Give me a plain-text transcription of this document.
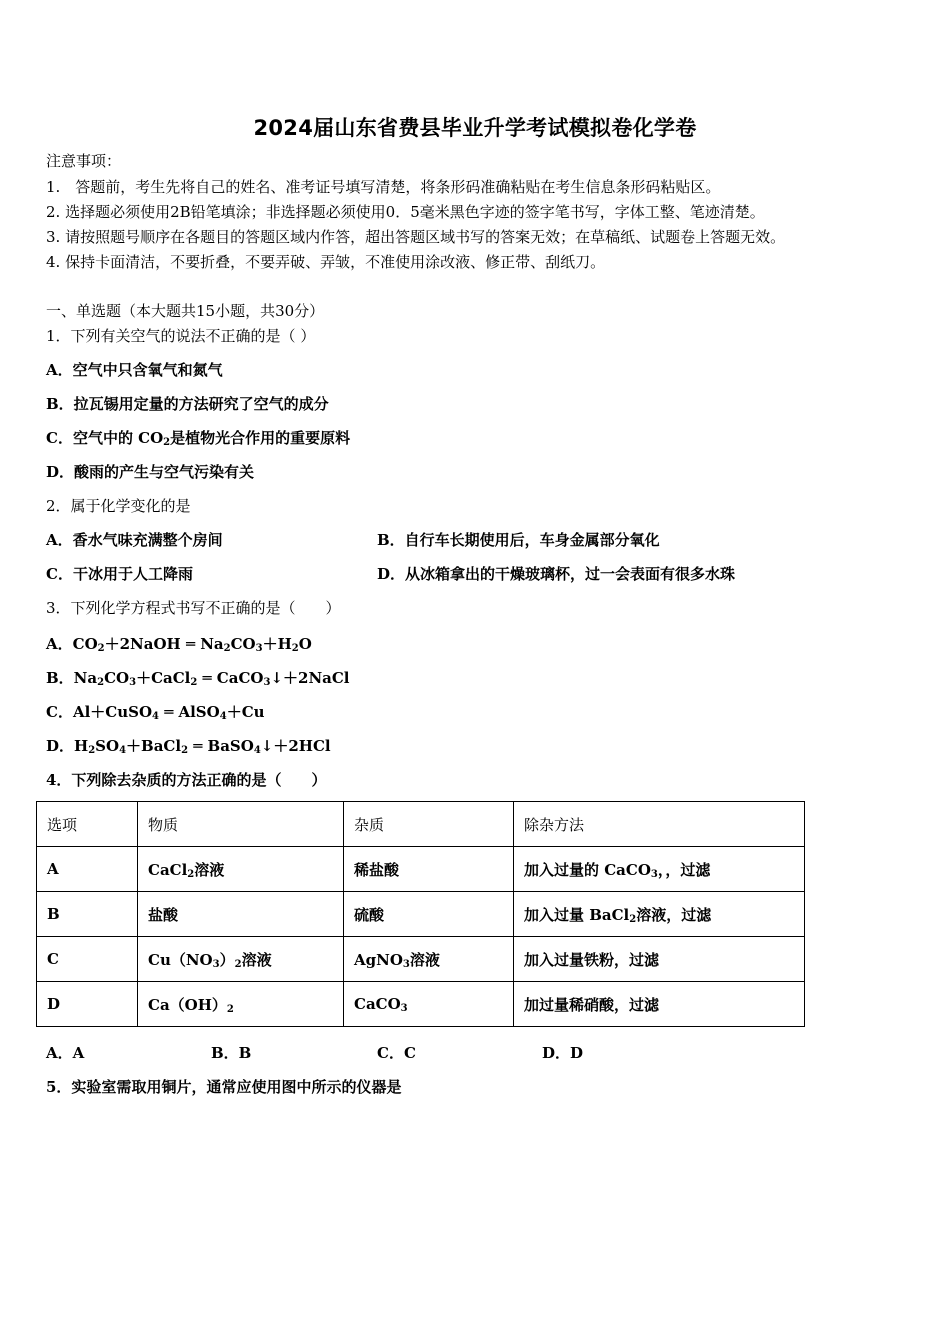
2024届山东省费县毕业升学考试模拟卷化学卷
注意事项：
1.　答题前，考生先将自己的姓名、准考证号填写清楚，将条形码准确粘贴在考生信息条形码粘贴区。
2. 选择题必须使用2B铅笔填涂；非选择题必须使用0．5毫米黑色字迹的签字笔书写，字体工整、笔迹清楚。
3. 请按照题号顺序在各题目的答题区域内作答，超出答题区域书写的答案无效；在草稿纸、试题卷上答题无效。
4. 保持卡面清洁，不要折叠，不要弄破、弄皱，不准使用涂改液、修正带、刮纸刀。
一、单选题（本大题共15小题，共30分）
1．下列有关空气的说法不正确的是（ ）
A．空气中只含氧气和氮气
B．拉瓦锡用定量的方法研究了空气的成分
C．空气中的 $CO_2$是植物光合作用的重要原料
D．酸雨的产生与空气污染有关
2．属于化学变化的是
A．香水气味充满整个房间	B．自行车长期使用后，车身金属部分氧化
C．干冰用于人工降雨	D．从冰箱拿出的干燥玻璃杯，过一会表面有很多水珠
3．下列化学方程式书写不正确的是（　　）
A．$CO_2+2NaOH$ ═ $Na_2CO_3+H_2O$
B．$Na_2CO_3+CaCl_2$ ═ CaCO$_3$↓＋2NaCl
C．Al＋CuSO$_4$ ═ AlSO$_4$＋Cu
D．$H_2SO_4+BaCl_2$ ═ BaSO$_4$↓＋2HCl
4．下列除去杂质的方法正确的是（　　）
选项	物质	杂质	除杂方法
A	CaCl$_2$溶液	稀盐酸	加入过量的 CaCO$_3$，，过滤
B	盐酸	硫酸	加入过量 BaCl$_2$溶液，过滤
C	$Cu(NO_3)_2$溶液	AgNO$_3$溶液	加入过量铁粉，过滤
D	$Ca(OH)_2$	CaCO$_3$	加过量稀硝酸，过滤
A．A	B．B	C．C	D．D
5．实验室需取用铜片，通常应使用图中所示的仪器是
